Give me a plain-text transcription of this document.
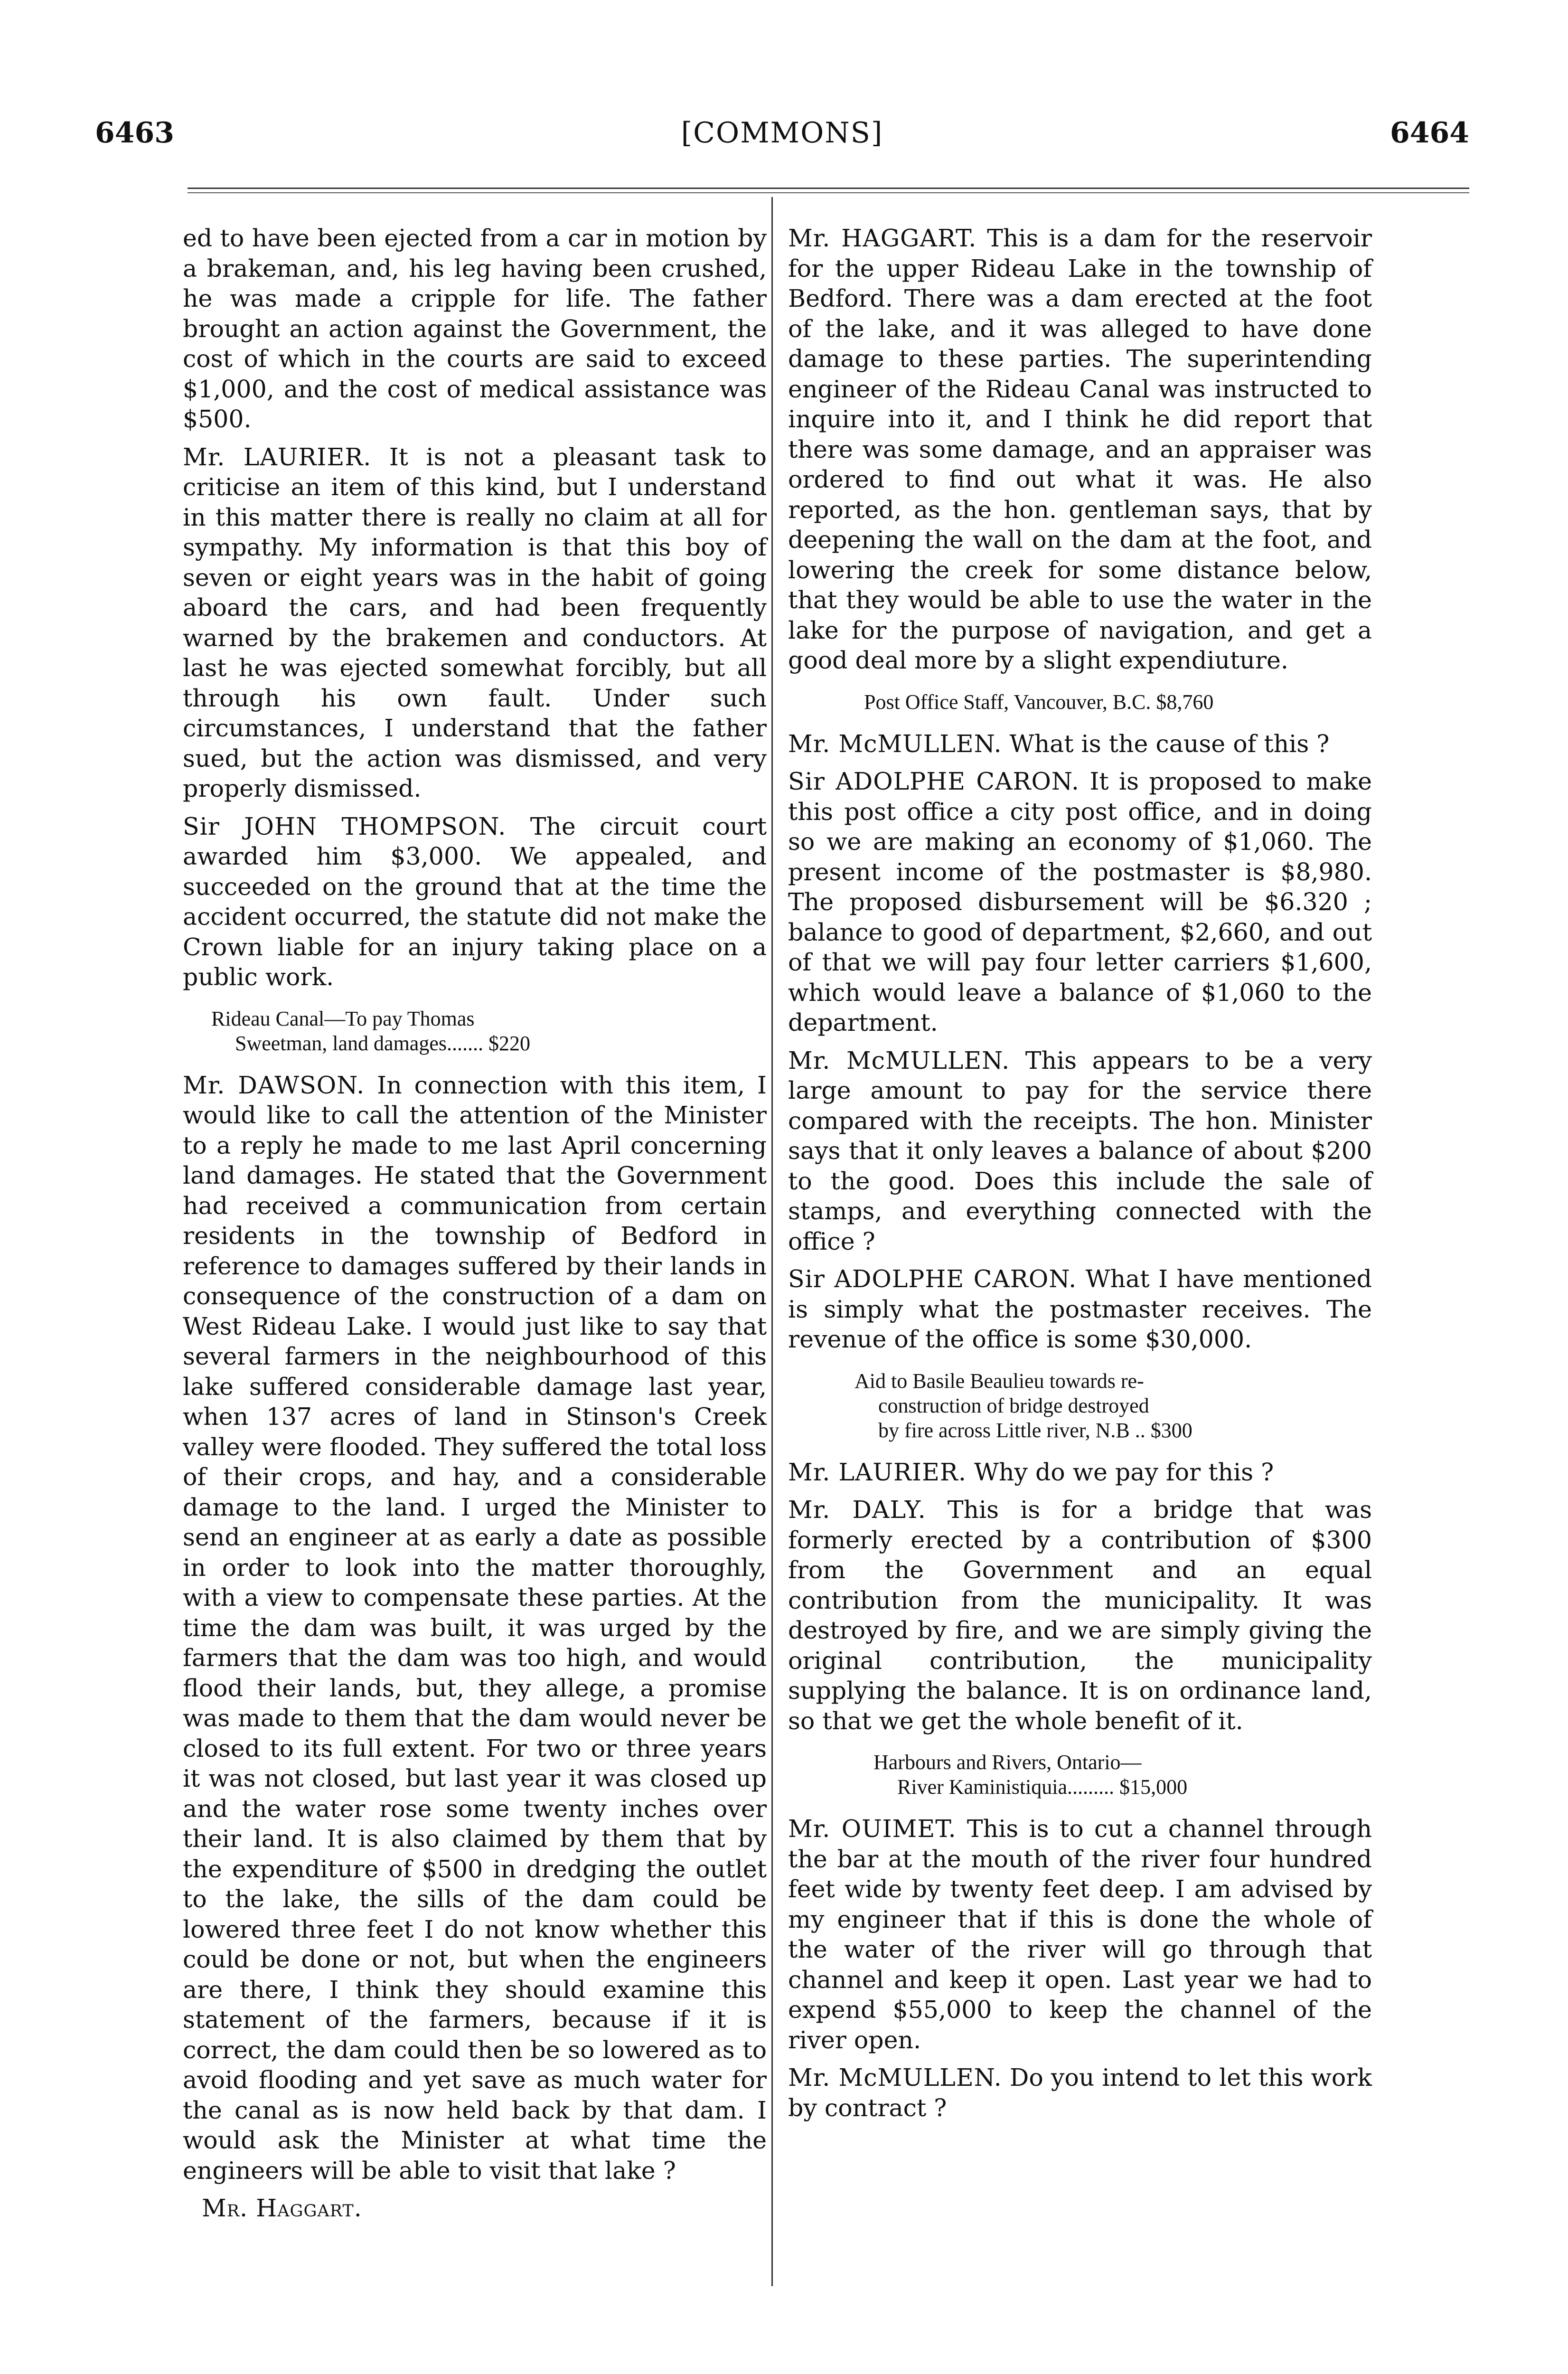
6463	[COMMONS]	6464

ed to have been ejected from a car in motion by a brakeman, and, his leg having been crushed, he was made a cripple for life. The father brought an action against the Government, the cost of which in the courts are said to exceed $1,000, and the cost of medical assistance was $500.

Mr. LAURIER. It is not a pleasant task to criticise an item of this kind, but I understand in this matter there is really no claim at all for sympathy. My information is that this boy of seven or eight years was in the habit of going aboard the cars, and had been frequently warned by the brakemen and conductors. At last he was ejected somewhat forcibly, but all through his own fault. Under such circumstances, I understand that the father sued, but the action was dismissed, and very properly dismissed.

Sir JOHN THOMPSON. The circuit court awarded him $3,000. We appealed, and succeeded on the ground that at the time the accident occurred, the statute did not make the Crown liable for an injury taking place on a public work.

Rideau Canal—To pay Thomas
Sweetman, land damages....... $220

Mr. DAWSON. In connection with this item, I would like to call the attention of the Minister to a reply he made to me last April concerning land damages. He stated that the Government had received a communication from certain residents in the township of Bedford in reference to damages suffered by their lands in consequence of the construction of a dam on West Rideau Lake. I would just like to say that several farmers in the neighbourhood of this lake suffered considerable damage last year, when 137 acres of land in Stinson's Creek valley were flooded. They suffered the total loss of their crops, and hay, and a considerable damage to the land. I urged the Minister to send an engineer at as early a date as possible in order to look into the matter thoroughly, with a view to compensate these parties. At the time the dam was built, it was urged by the farmers that the dam was too high, and would flood their lands, but, they allege, a promise was made to them that the dam would never be closed to its full extent. For two or three years it was not closed, but last year it was closed up and the water rose some twenty inches over their land. It is also claimed by them that by the expenditure of $500 in dredging the outlet to the lake, the sills of the dam could be lowered three feet I do not know whether this could be done or not, but when the engineers are there, I think they should examine this statement of the farmers, because if it is correct, the dam could then be so lowered as to avoid flooding and yet save as much water for the canal as is now held back by that dam. I would ask the Minister at what time the engineers will be able to visit that lake ?

Mr. Haggart.

Mr. HAGGART. This is a dam for the reservoir for the upper Rideau Lake in the township of Bedford. There was a dam erected at the foot of the lake, and it was alleged to have done damage to these parties. The superintending engineer of the Rideau Canal was instructed to inquire into it, and I think he did report that there was some damage, and an appraiser was ordered to find out what it was. He also reported, as the hon. gentleman says, that by deepening the wall on the dam at the foot, and lowering the creek for some distance below, that they would be able to use the water in the lake for the purpose of navigation, and get a good deal more by a slight expendiuture.

Post Office Staff, Vancouver, B.C. $8,760

Mr. McMULLEN. What is the cause of this ?

Sir ADOLPHE CARON. It is proposed to make this post office a city post office, and in doing so we are making an economy of $1,060. The present income of the postmaster is $8,980. The proposed disbursement will be $6.320 ; balance to good of department, $2,660, and out of that we will pay four letter carriers $1,600, which would leave a balance of $1,060 to the department.

Mr. McMULLEN. This appears to be a very large amount to pay for the service there compared with the receipts. The hon. Minister says that it only leaves a balance of about $200 to the good. Does this include the sale of stamps, and everything connected with the office ?

Sir ADOLPHE CARON. What I have mentioned is simply what the postmaster receives. The revenue of the office is some $30,000.

Aid to Basile Beaulieu towards re-
construction of bridge destroyed
by fire across Little river, N.B .. $300

Mr. LAURIER. Why do we pay for this ?

Mr. DALY. This is for a bridge that was formerly erected by a contribution of $300 from the Government and an equal contribution from the municipality. It was destroyed by fire, and we are simply giving the original contribution, the municipality supplying the balance. It is on ordinance land, so that we get the whole benefit of it.

Harbours and Rivers, Ontario—
River Kaministiquia......... $15,000

Mr. OUIMET. This is to cut a channel through the bar at the mouth of the river four hundred feet wide by twenty feet deep. I am advised by my engineer that if this is done the whole of the water of the river will go through that channel and keep it open. Last year we had to expend $55,000 to keep the channel of the river open.

Mr. McMULLEN. Do you intend to let this work by contract ?
